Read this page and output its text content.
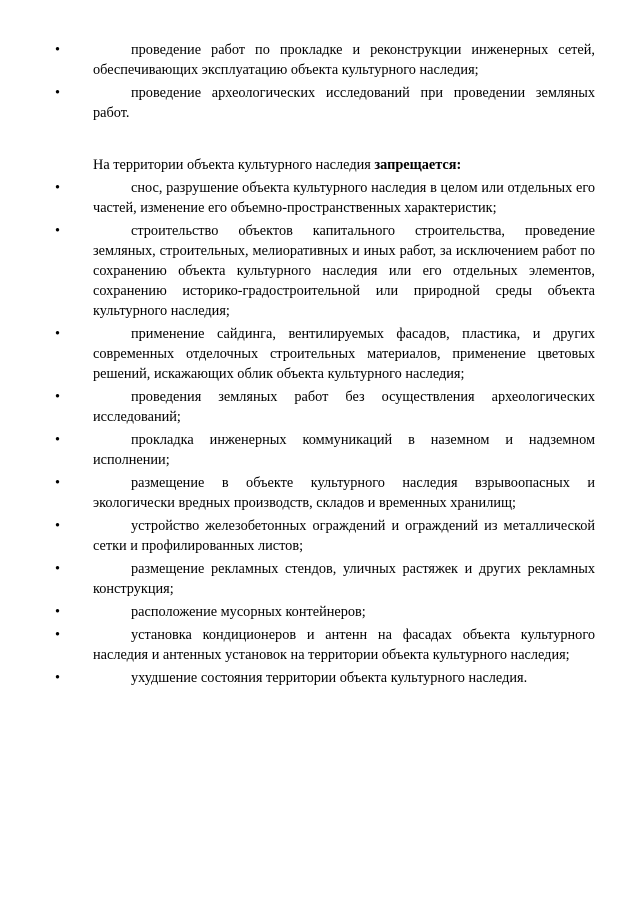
•	проведение работ по прокладке и реконструкции инженерных сетей, обеспечивающих эксплуатацию объекта культурного наследия;
•	проведение археологических исследований при проведении земляных работ.
На территории объекта культурного наследия запрещается:
•	снос, разрушение объекта культурного наследия в целом или отдельных его частей, изменение его объемно-пространственных характеристик;
•	строительство объектов капитального строительства, проведение земляных, строительных, мелиоративных и иных работ, за исключением работ по сохранению объекта культурного наследия или его отдельных элементов, сохранению историко-градостроительной или природной среды объекта культурного наследия;
•	применение сайдинга, вентилируемых фасадов, пластика, и других современных отделочных строительных материалов, применение цветовых решений, искажающих облик объекта культурного наследия;
•	проведения земляных работ без осуществления археологических исследований;
•	прокладка инженерных коммуникаций в наземном и надземном исполнении;
•	размещение в объекте культурного наследия взрывоопасных и экологически вредных производств, складов и временных хранилищ;
•	устройство железобетонных ограждений и ограждений из металлической сетки и профилированных листов;
•	размещение рекламных стендов, уличных растяжек и других рекламных конструкция;
•	расположение мусорных контейнеров;
•	установка кондиционеров и антенн на фасадах объекта культурного наследия и антенных установок на территории объекта культурного наследия;
•	ухудшение состояния территории объекта культурного наследия.
